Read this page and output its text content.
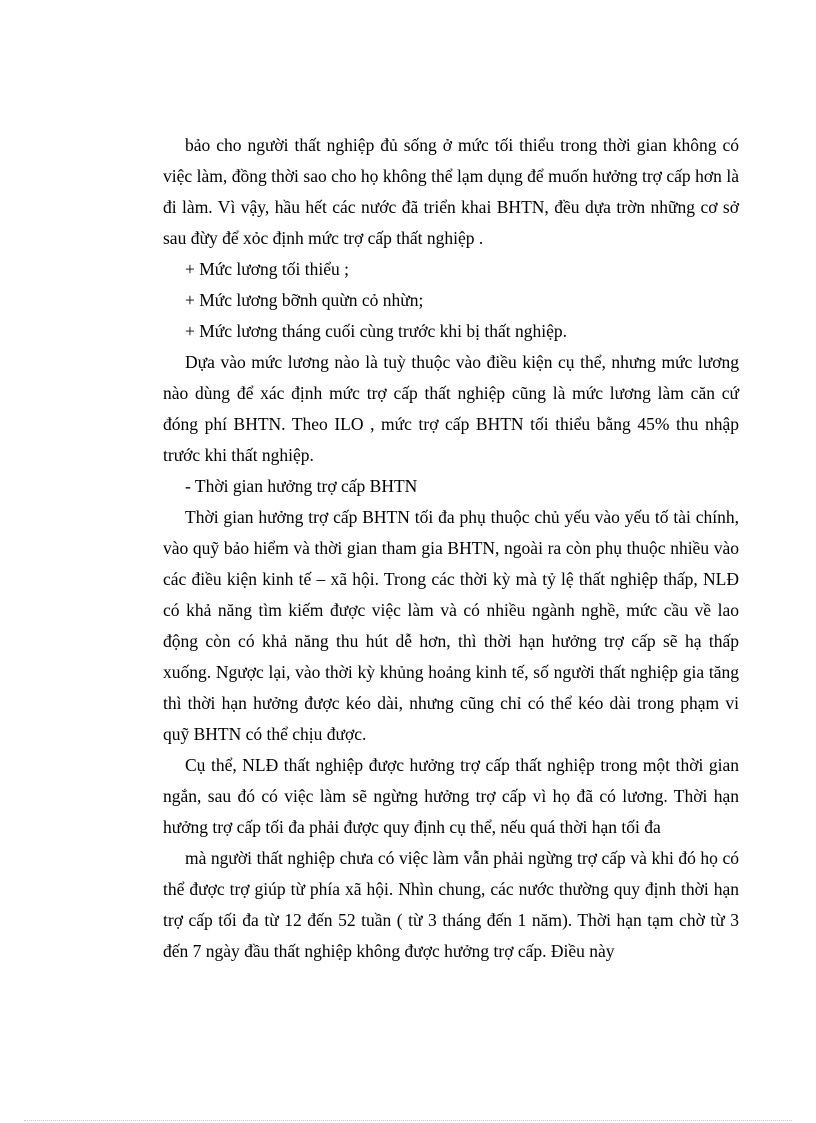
bảo cho người thất nghiệp đủ sống ở mức tối thiểu trong thời gian không có việc làm, đồng thời sao cho họ không thể lạm dụng để muốn hưởng trợ cấp hơn là đi làm. Vì vậy, hầu hết các nước đã triển khai BHTN, đều dựa trờn những cơ sở sau đừy để xỏc định mức trợ cấp thất nghiệp .

+ Mức lương tối thiểu ;

+ Mức lương bỡnh quừn cỏ nhừn;

+ Mức lương tháng cuối cùng trước khi bị thất nghiệp.

Dựa vào mức lương nào là tuỳ thuộc vào điều kiện cụ thể, nhưng mức lương nào dùng để xác định mức trợ cấp thất nghiệp cũng là mức lương làm căn cứ đóng phí BHTN. Theo ILO , mức trợ cấp BHTN tối thiểu bằng 45% thu nhập trước khi thất nghiệp.

- Thời gian hưởng trợ cấp BHTN

Thời gian hưởng trợ cấp BHTN tối đa phụ thuộc chủ yếu vào yếu tố tài chính, vào quỹ bảo hiểm và thời gian tham gia BHTN, ngoài ra còn phụ thuộc nhiều vào các điều kiện kinh tế – xã hội. Trong các thời kỳ mà tỷ lệ thất nghiệp thấp, NLĐ có khả năng tìm kiếm được việc làm và có nhiều ngành nghề, mức cầu về lao động còn có khả năng thu hút dễ hơn, thì thời hạn hưởng trợ cấp sẽ hạ thấp xuống. Ngược lại, vào thời kỳ khủng hoảng kinh tế, số người thất nghiệp gia tăng thì thời hạn hưởng được kéo dài, nhưng cũng chỉ có thể kéo dài trong phạm vi quỹ BHTN có thể chịu được.

Cụ thể, NLĐ thất nghiệp được hưởng trợ cấp thất nghiệp trong một thời gian ngắn, sau đó có việc làm sẽ ngừng hưởng trợ cấp vì họ đã có lương. Thời hạn hưởng trợ cấp tối đa phải được quy định cụ thể, nếu quá thời hạn tối đa

mà người thất nghiệp chưa có việc làm vẫn phải ngừng trợ cấp và khi đó họ có thể được trợ giúp từ phía xã hội. Nhìn chung, các nước thường quy định thời hạn trợ cấp tối đa từ 12 đến 52 tuần ( từ 3 tháng đến 1 năm). Thời hạn tạm chờ từ 3 đến 7 ngày đầu thất nghiệp không được hưởng trợ cấp. Điều này
